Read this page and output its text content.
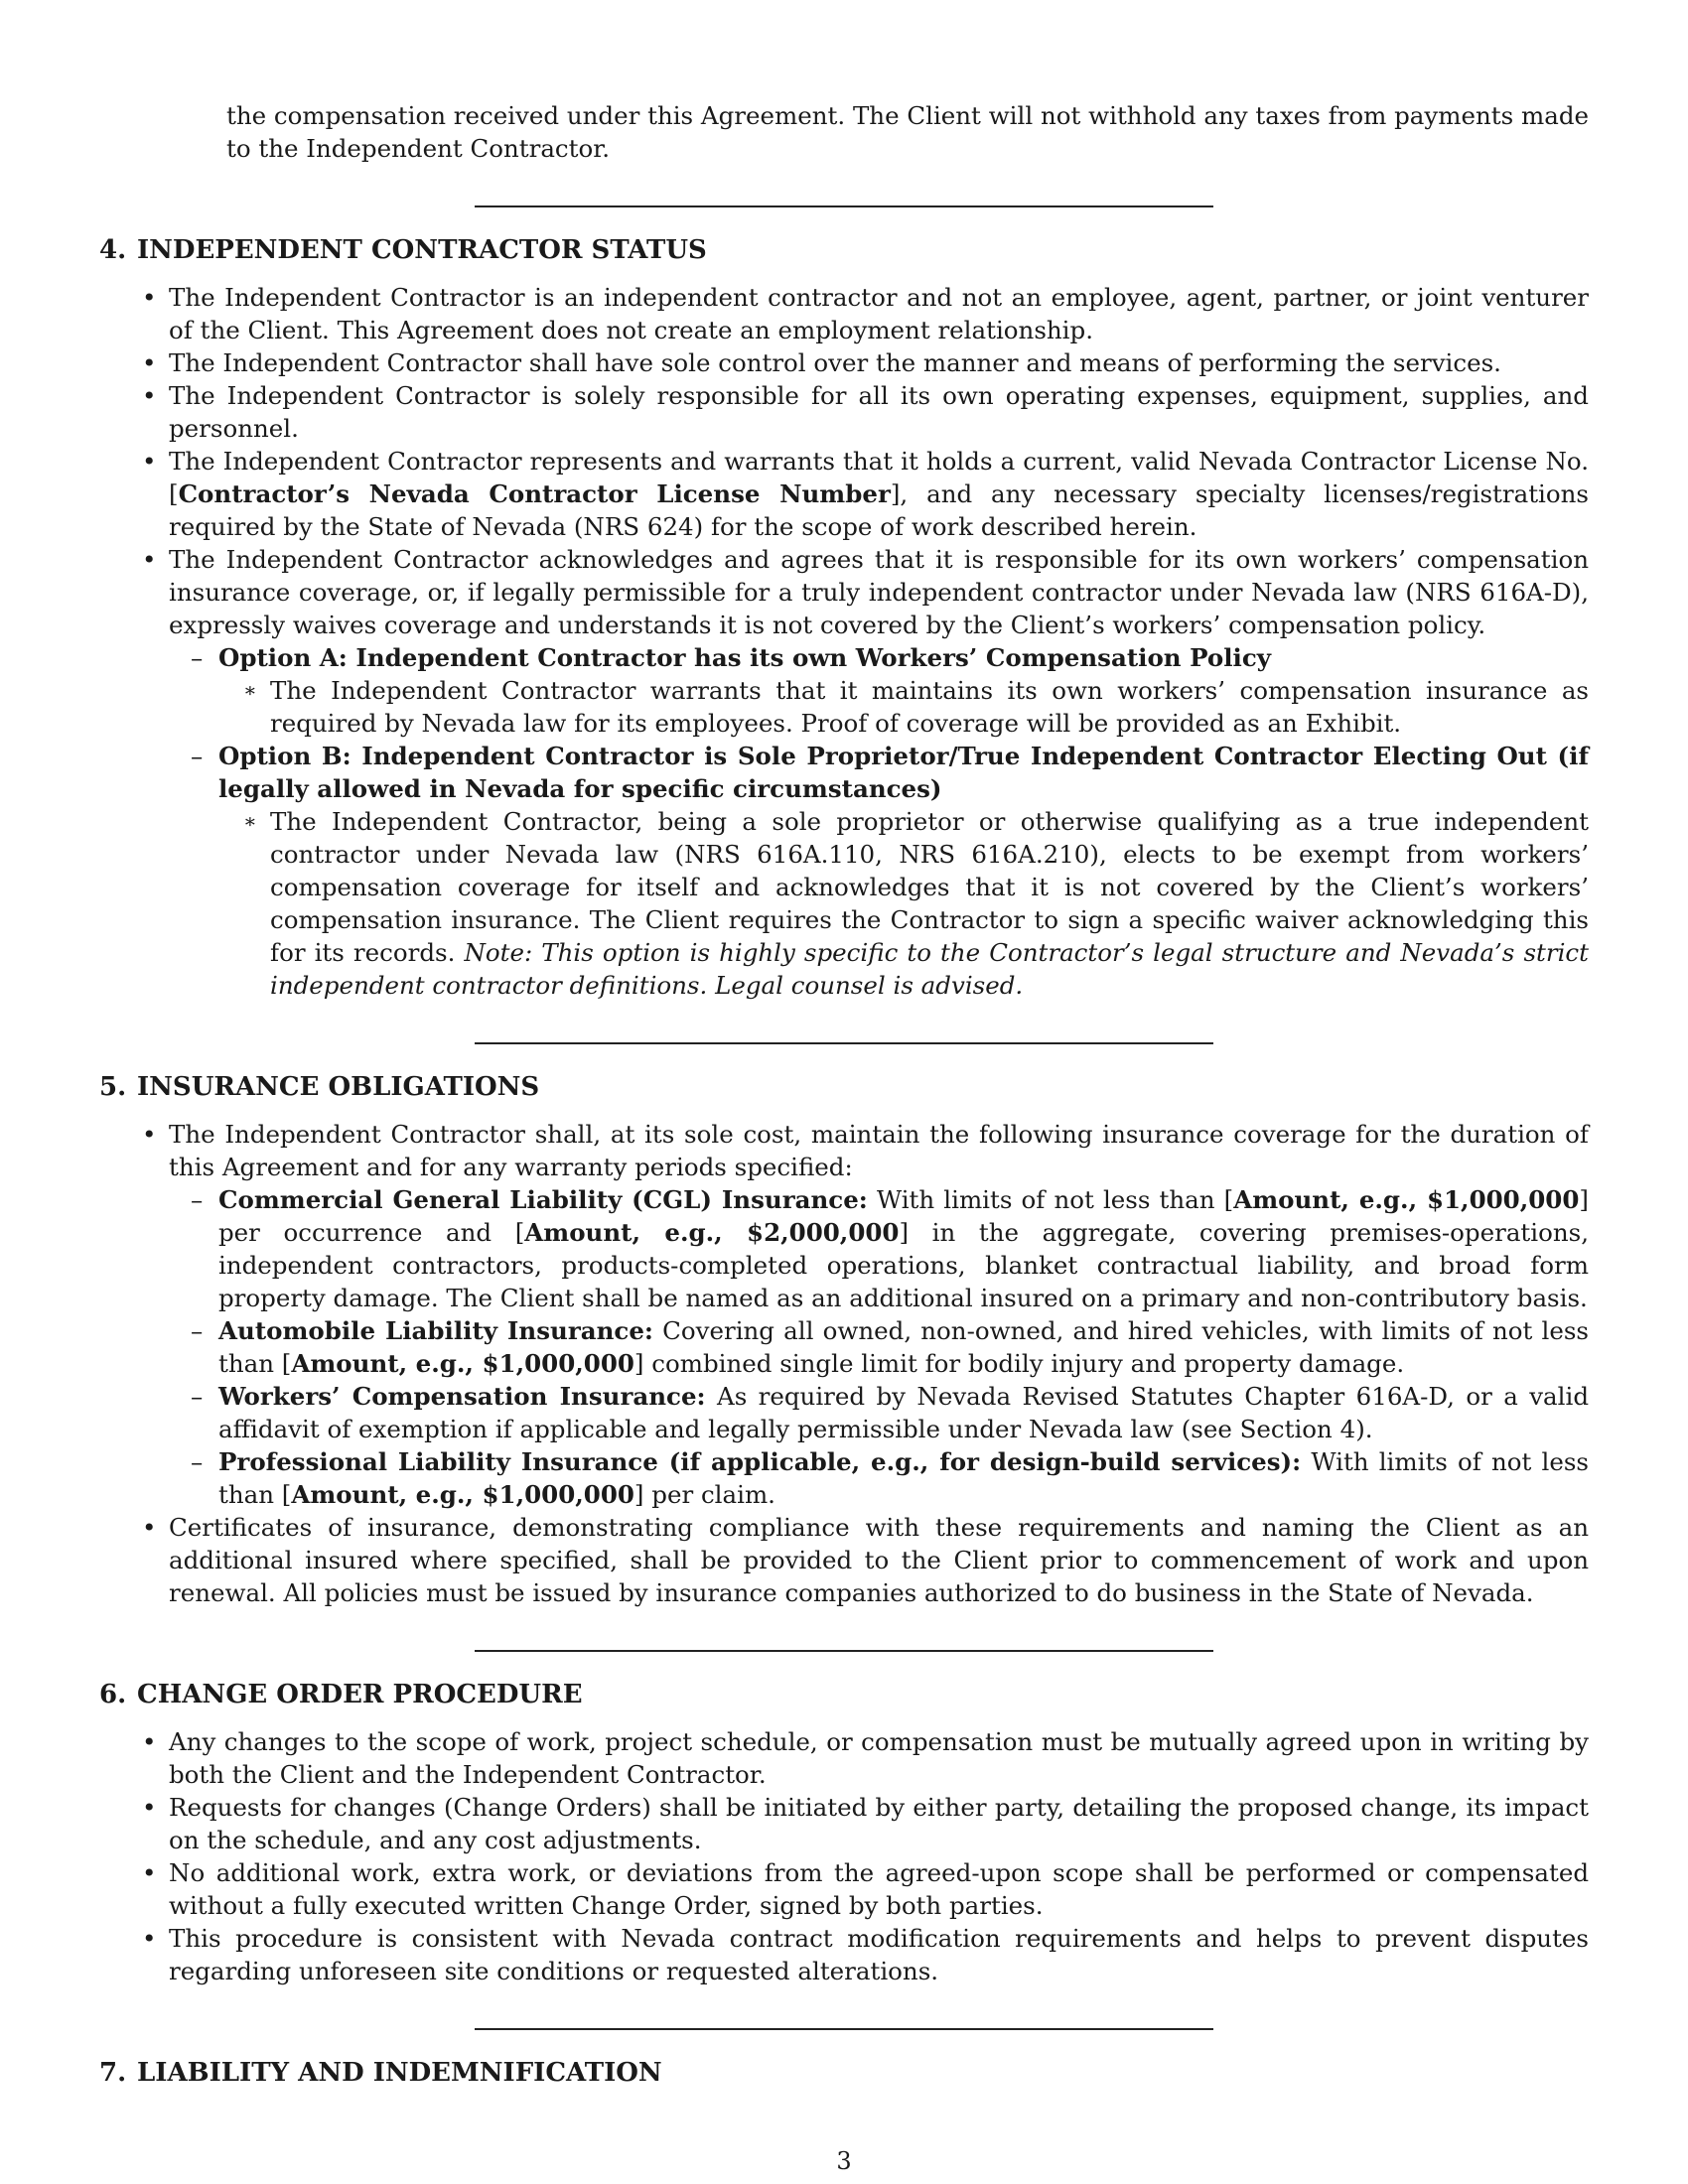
the compensation received under this Agreement. The Client will not withhold any taxes from payments made to the Independent Contractor.

4. INDEPENDENT CONTRACTOR STATUS
• The Independent Contractor is an independent contractor and not an employee, agent, partner, or joint venturer of the Client. This Agreement does not create an employment relationship.
• The Independent Contractor shall have sole control over the manner and means of performing the services.
• The Independent Contractor is solely responsible for all its own operating expenses, equipment, supplies, and personnel.
• The Independent Contractor represents and warrants that it holds a current, valid Nevada Contractor License No. [Contractor’s Nevada Contractor License Number], and any necessary specialty licenses/registrations required by the State of Nevada (NRS 624) for the scope of work described herein.
• The Independent Contractor acknowledges and agrees that it is responsible for its own workers’ compensation insurance coverage, or, if legally permissible for a truly independent contractor under Nevada law (NRS 616A-D), expressly waives coverage and understands it is not covered by the Client’s workers’ compensation policy.
– Option A: Independent Contractor has its own Workers’ Compensation Policy
∗ The Independent Contractor warrants that it maintains its own workers’ compensation insurance as required by Nevada law for its employees. Proof of coverage will be provided as an Exhibit.
– Option B: Independent Contractor is Sole Proprietor/True Independent Contractor Electing Out (if legally allowed in Nevada for specific circumstances)
∗ The Independent Contractor, being a sole proprietor or otherwise qualifying as a true independent contractor under Nevada law (NRS 616A.110, NRS 616A.210), elects to be exempt from workers’ compensation coverage for itself and acknowledges that it is not covered by the Client’s workers’ compensation insurance. The Client requires the Contractor to sign a specific waiver acknowledging this for its records. Note: This option is highly specific to the Contractor’s legal structure and Nevada’s strict independent contractor definitions. Legal counsel is advised.
5. INSURANCE OBLIGATIONS
• The Independent Contractor shall, at its sole cost, maintain the following insurance coverage for the duration of this Agreement and for any warranty periods specified:
– Commercial General Liability (CGL) Insurance: With limits of not less than [Amount, e.g., $1,000,000] per occurrence and [Amount, e.g., $2,000,000] in the aggregate, covering premises-operations, independent contractors, products-completed operations, blanket contractual liability, and broad form property damage. The Client shall be named as an additional insured on a primary and non-contributory basis.
– Automobile Liability Insurance: Covering all owned, non-owned, and hired vehicles, with limits of not less than [Amount, e.g., $1,000,000] combined single limit for bodily injury and property damage.
– Workers’ Compensation Insurance: As required by Nevada Revised Statutes Chapter 616A-D, or a valid affidavit of exemption if applicable and legally permissible under Nevada law (see Section 4).
– Professional Liability Insurance (if applicable, e.g., for design-build services): With limits of not less than [Amount, e.g., $1,000,000] per claim.
• Certificates of insurance, demonstrating compliance with these requirements and naming the Client as an additional insured where specified, shall be provided to the Client prior to commencement of work and upon renewal. All policies must be issued by insurance companies authorized to do business in the State of Nevada.
6. CHANGE ORDER PROCEDURE
• Any changes to the scope of work, project schedule, or compensation must be mutually agreed upon in writing by both the Client and the Independent Contractor.
• Requests for changes (Change Orders) shall be initiated by either party, detailing the proposed change, its impact on the schedule, and any cost adjustments.
• No additional work, extra work, or deviations from the agreed-upon scope shall be performed or compensated without a fully executed written Change Order, signed by both parties.
• This procedure is consistent with Nevada contract modification requirements and helps to prevent disputes regarding unforeseen site conditions or requested alterations.
7. LIABILITY AND INDEMNIFICATION
3
